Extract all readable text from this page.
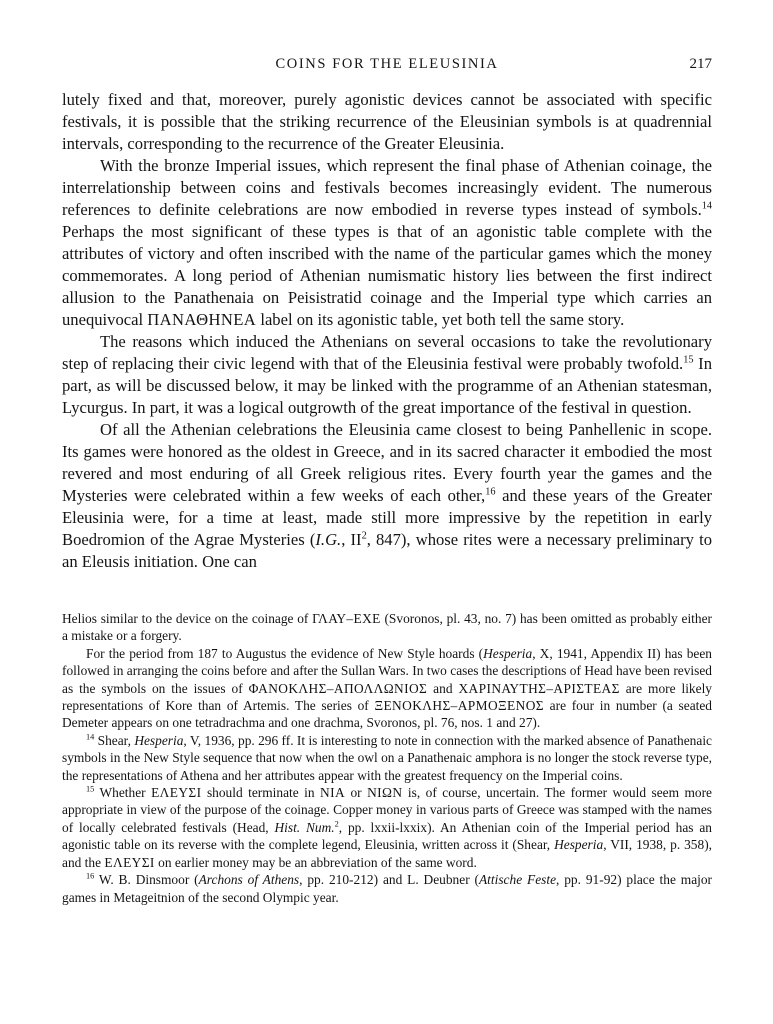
COINS FOR THE ELEUSINIA	217

lutely fixed and that, moreover, purely agonistic devices cannot be associated with specific festivals, it is possible that the striking recurrence of the Eleusinian symbols is at quadrennial intervals, corresponding to the recurrence of the Greater Eleusinia.

With the bronze Imperial issues, which represent the final phase of Athenian coinage, the interrelationship between coins and festivals becomes increasingly evident. The numerous references to definite celebrations are now embodied in reverse types instead of symbols.$^{14}$ Perhaps the most significant of these types is that of an agonistic table complete with the attributes of victory and often inscribed with the name of the particular games which the money commemorates. A long period of Athenian numismatic history lies between the first indirect allusion to the Panathenaia on Peisistratid coinage and the Imperial type which carries an unequivocal ΠΑΝΑΘΗΝΕΑ label on its agonistic table, yet both tell the same story.

The reasons which induced the Athenians on several occasions to take the revolutionary step of replacing their civic legend with that of the Eleusinia festival were probably twofold.$^{15}$ In part, as will be discussed below, it may be linked with the programme of an Athenian statesman, Lycurgus. In part, it was a logical outgrowth of the great importance of the festival in question.

Of all the Athenian celebrations the Eleusinia came closest to being Panhellenic in scope. Its games were honored as the oldest in Greece, and in its sacred character it embodied the most revered and most enduring of all Greek religious rites. Every fourth year the games and the Mysteries were celebrated within a few weeks of each other,$^{16}$ and these years of the Greater Eleusinia were, for a time at least, made still more impressive by the repetition in early Boedromion of the Agrae Mysteries (I.G., $II^2$, 847), whose rites were a necessary preliminary to an Eleusis initiation. One can

Helios similar to the device on the coinage of ΓΛΑΥ–ΕΧΕ (Svoronos, pl. 43, no. 7) has been omitted as probably either a mistake or a forgery.

For the period from 187 to Augustus the evidence of New Style hoards (Hesperia, X, 1941, Appendix II) has been followed in arranging the coins before and after the Sullan Wars. In two cases the descriptions of Head have been revised as the symbols on the issues of ΦΑΝΟΚΛΗΣ–ΑΠΟΛΛΩΝΙΟΣ and ΧΑΡΙΝΑΥΤΗΣ–ΑΡΙΣΤΕΑΣ are more likely representations of Kore than of Artemis. The series of ΞΕΝΟΚΛΗΣ–ΑΡΜΟΞΕΝΟΣ are four in number (a seated Demeter appears on one tetradrachma and one drachma, Svoronos, pl. 76, nos. 1 and 27).

$^{14}$ Shear, Hesperia, V, 1936, pp. 296 ff. It is interesting to note in connection with the marked absence of Panathenaic symbols in the New Style sequence that now when the owl on a Panathenaic amphora is no longer the stock reverse type, the representations of Athena and her attributes appear with the greatest frequency on the Imperial coins.

$^{15}$ Whether ΕΛΕΥΣΙ should terminate in ΝΙΑ or ΝΙΩΝ is, of course, uncertain. The former would seem more appropriate in view of the purpose of the coinage. Copper money in various parts of Greece was stamped with the names of locally celebrated festivals (Head, Hist. Num.$^2$, pp. lxxii-lxxix). An Athenian coin of the Imperial period has an agonistic table on its reverse with the complete legend, Eleusinia, written across it (Shear, Hesperia, VII, 1938, p. 358), and the ΕΛΕΥΣΙ on earlier money may be an abbreviation of the same word.

$^{16}$ W. B. Dinsmoor (Archons of Athens, pp. 210-212) and L. Deubner (Attische Feste, pp. 91-92) place the major games in Metageitnion of the second Olympic year.
